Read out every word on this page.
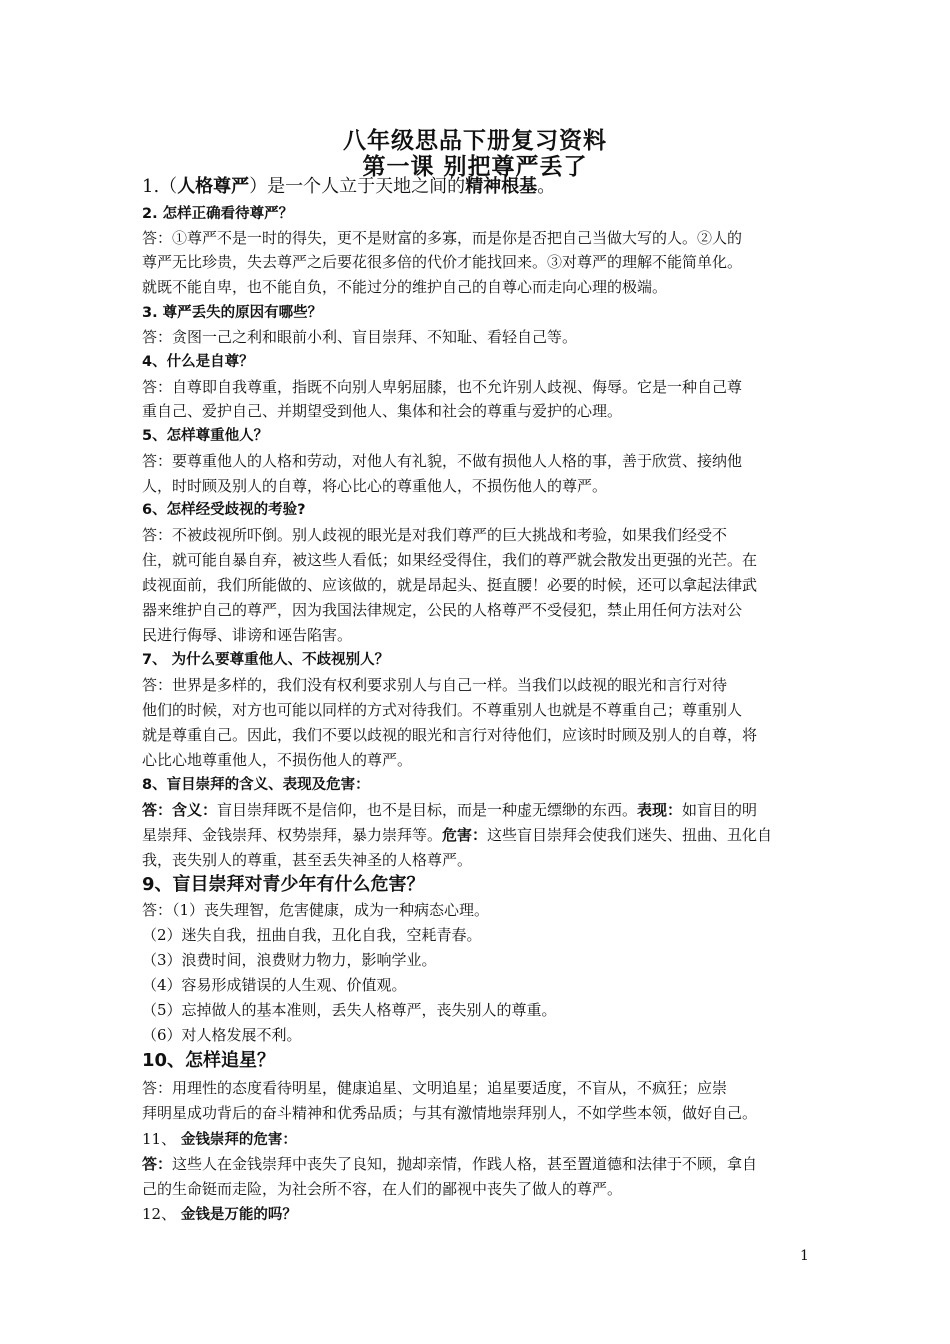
八年级思品下册复习资料
第一课 别把尊严丢了
1.（人格尊严）是一个人立于天地之间的精神根基。
2. 怎样正确看待尊严？
答：①尊严不是一时的得失，更不是财富的多寡，而是你是否把自己当做大写的人。②人的
尊严无比珍贵，失去尊严之后要花很多倍的代价才能找回来。③对尊严的理解不能简单化。
就既不能自卑，也不能自负，不能过分的维护自己的自尊心而走向心理的极端。
3. 尊严丢失的原因有哪些？
答：贪图一己之利和眼前小利、盲目崇拜、不知耻、看轻自己等。
4、什么是自尊？
答：自尊即自我尊重，指既不向别人卑躬屈膝，也不允许别人歧视、侮辱。它是一种自己尊
重自己、爱护自己、并期望受到他人、集体和社会的尊重与爱护的心理。
5、怎样尊重他人？
答：要尊重他人的人格和劳动，对他人有礼貌，不做有损他人人格的事，善于欣赏、接纳他
人，时时顾及别人的自尊，将心比心的尊重他人，不损伤他人的尊严。
6、怎样经受歧视的考验?
答：不被歧视所吓倒。别人歧视的眼光是对我们尊严的巨大挑战和考验，如果我们经受不
住，就可能自暴自弃，被这些人看低；如果经受得住，我们的尊严就会散发出更强的光芒。在
歧视面前，我们所能做的、应该做的，就是昂起头、挺直腰！必要的时候，还可以拿起法律武
器来维护自己的尊严，因为我国法律规定，公民的人格尊严不受侵犯，禁止用任何方法对公
民进行侮辱、诽谤和诬告陷害。
7、 为什么要尊重他人、不歧视别人？
答：世界是多样的，我们没有权利要求别人与自己一样。当我们以歧视的眼光和言行对待
他们的时候，对方也可能以同样的方式对待我们。不尊重别人也就是不尊重自己；尊重别人
就是尊重自己。因此，我们不要以歧视的眼光和言行对待他们，应该时时顾及别人的自尊，将
心比心地尊重他人，不损伤他人的尊严。
8、盲目崇拜的含义、表现及危害：
答：含义：盲目崇拜既不是信仰，也不是目标，而是一种虚无缥缈的东西。表现：如盲目的明
星崇拜、金钱崇拜、权势崇拜，暴力崇拜等。危害：这些盲目崇拜会使我们迷失、扭曲、丑化自
我，丧失别人的尊重，甚至丢失神圣的人格尊严。
9、盲目崇拜对青少年有什么危害？
答：（1）丧失理智，危害健康，成为一种病态心理。
（2）迷失自我，扭曲自我，丑化自我，空耗青春。
（3）浪费时间，浪费财力物力，影响学业。
（4）容易形成错误的人生观、价值观。
（5）忘掉做人的基本准则，丢失人格尊严，丧失别人的尊重。
（6）对人格发展不利。
10、怎样追星？
答：用理性的态度看待明星，健康追星、文明追星；追星要适度，不盲从，不疯狂；应崇
拜明星成功背后的奋斗精神和优秀品质；与其有激情地崇拜别人，不如学些本领，做好自己。
11、 金钱崇拜的危害：
答：这些人在金钱崇拜中丧失了良知，抛却亲情，作践人格，甚至置道德和法律于不顾，拿自
己的生命铤而走险，为社会所不容，在人们的鄙视中丧失了做人的尊严。
12、 金钱是万能的吗？
1
